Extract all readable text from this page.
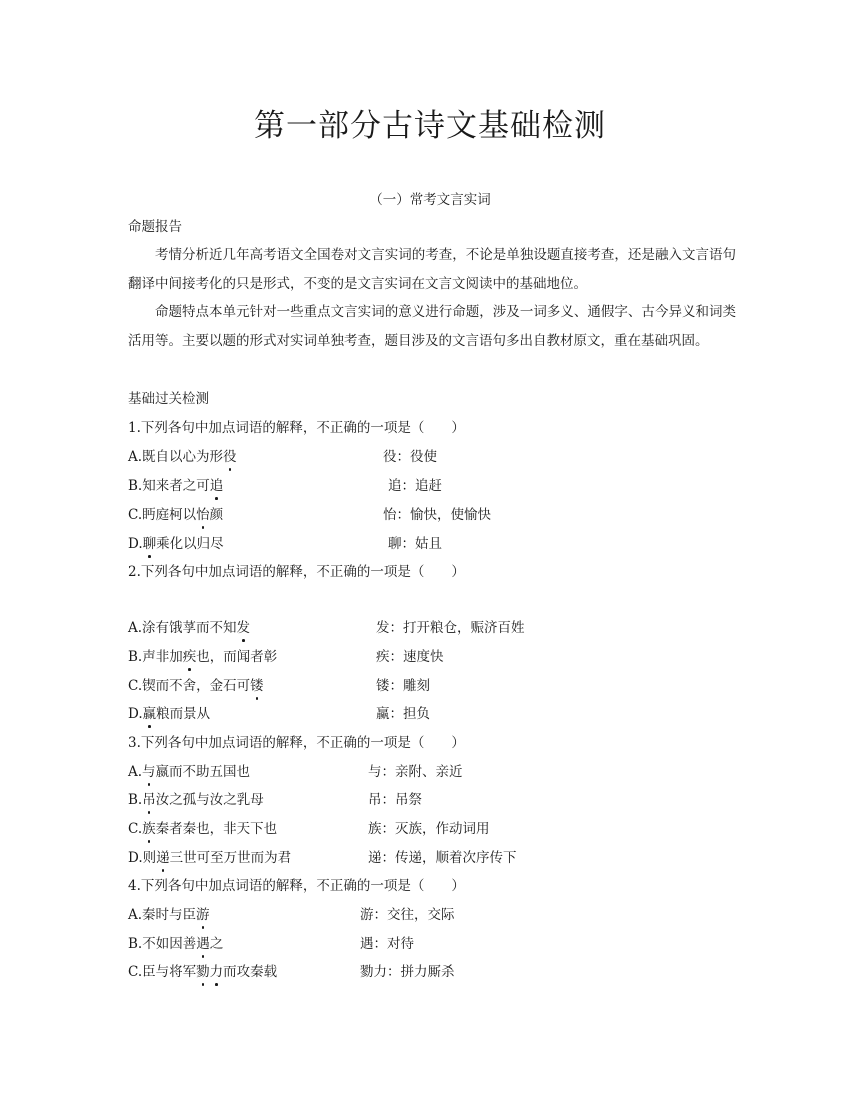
第一部分古诗文基础检测
（一）常考文言实词
命题报告

考情分析近几年高考语文全国卷对文言实词的考查，不论是单独设题直接考查，还是融入文言语句翻译中间接考化的只是形式，不变的是文言实词在文言文阅读中的基础地位。

命题特点本单元针对一些重点文言实词的意义进行命题，涉及一词多义、通假字、古今异义和词类活用等。主要以题的形式对实词单独考查，题目涉及的文言语句多出自教材原文，重在基础巩固。

基础过关检测
1.下列各句中加点词语的解释，不正确的一项是（　　）
A.既自以心为形役	役：役使
B.知来者之可追	追：追赶
C.眄庭柯以怡颜	怡：愉快，使愉快
D.聊乘化以归尽	聊：姑且
2.下列各句中加点词语的解释，不正确的一项是（　　）
A.涂有饿莩而不知发	发：打开粮仓，赈济百姓
B.声非加疾也，而闻者彰	疾：速度快
C.锲而不舍，金石可镂	镂：雕刻
D.赢粮而景从	赢：担负
3.下列各句中加点词语的解释，不正确的一项是（　　）
A.与嬴而不助五国也	与：亲附、亲近
B.吊汝之孤与汝之乳母	吊：吊祭
C.族秦者秦也，非天下也	族：灭族，作动词用
D.则递三世可至万世而为君	递：传递，顺着次序传下
4.下列各句中加点词语的解释，不正确的一项是（　　）
A.秦时与臣游	游：交往，交际
B.不如因善遇之	遇：对待
C.臣与将军勠力而攻秦载	勠力：拼力厮杀
